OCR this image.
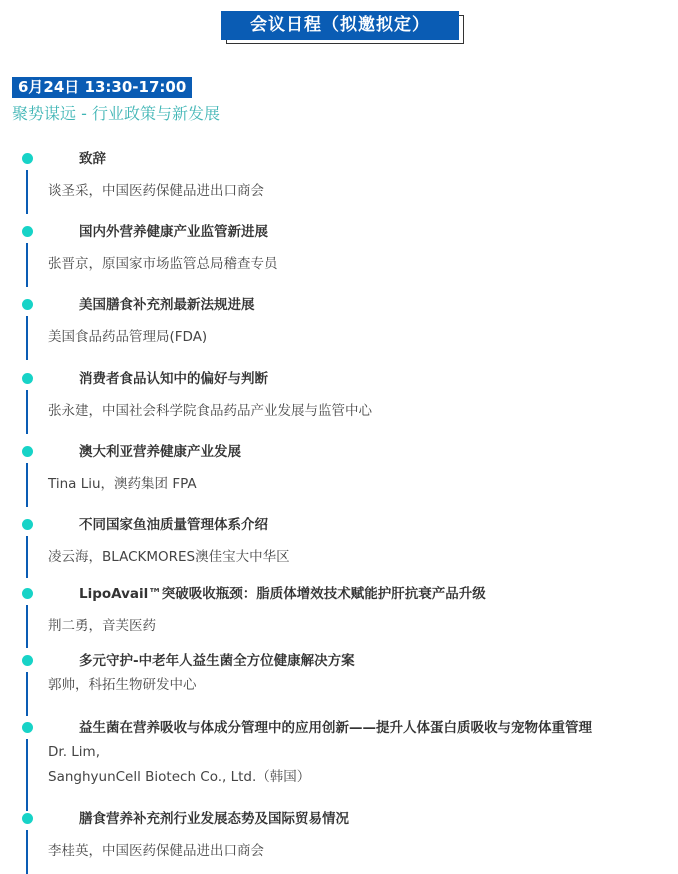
会议日程（拟邀拟定）
6月24日 13:30-17:00
聚势谋远 - 行业政策与新发展
致辞
谈圣采，中国医药保健品进出口商会
国内外营养健康产业监管新进展
张晋京，原国家市场监管总局稽查专员
美国膳食补充剂最新法规进展
美国食品药品管理局(FDA)
消费者食品认知中的偏好与判断
张永建，中国社会科学院食品药品产业发展与监管中心
澳大利亚营养健康产业发展
Tina Liu，澳药集团 FPA
不同国家鱼油质量管理体系介绍
凌云海，BLACKMORES澳佳宝大中华区
LipoAvail™突破吸收瓶颈：脂质体增效技术赋能护肝抗衰产品升级
荆二勇，音芙医药
多元守护-中老年人益生菌全方位健康解决方案
郭帅，科拓生物研发中心
益生菌在营养吸收与体成分管理中的应用创新——提升人体蛋白质吸收与宠物体重管理
Dr. Lim,
SanghyunCell Biotech Co., Ltd.（韩国）
膳食营养补充剂行业发展态势及国际贸易情况
李桂英，中国医药保健品进出口商会
